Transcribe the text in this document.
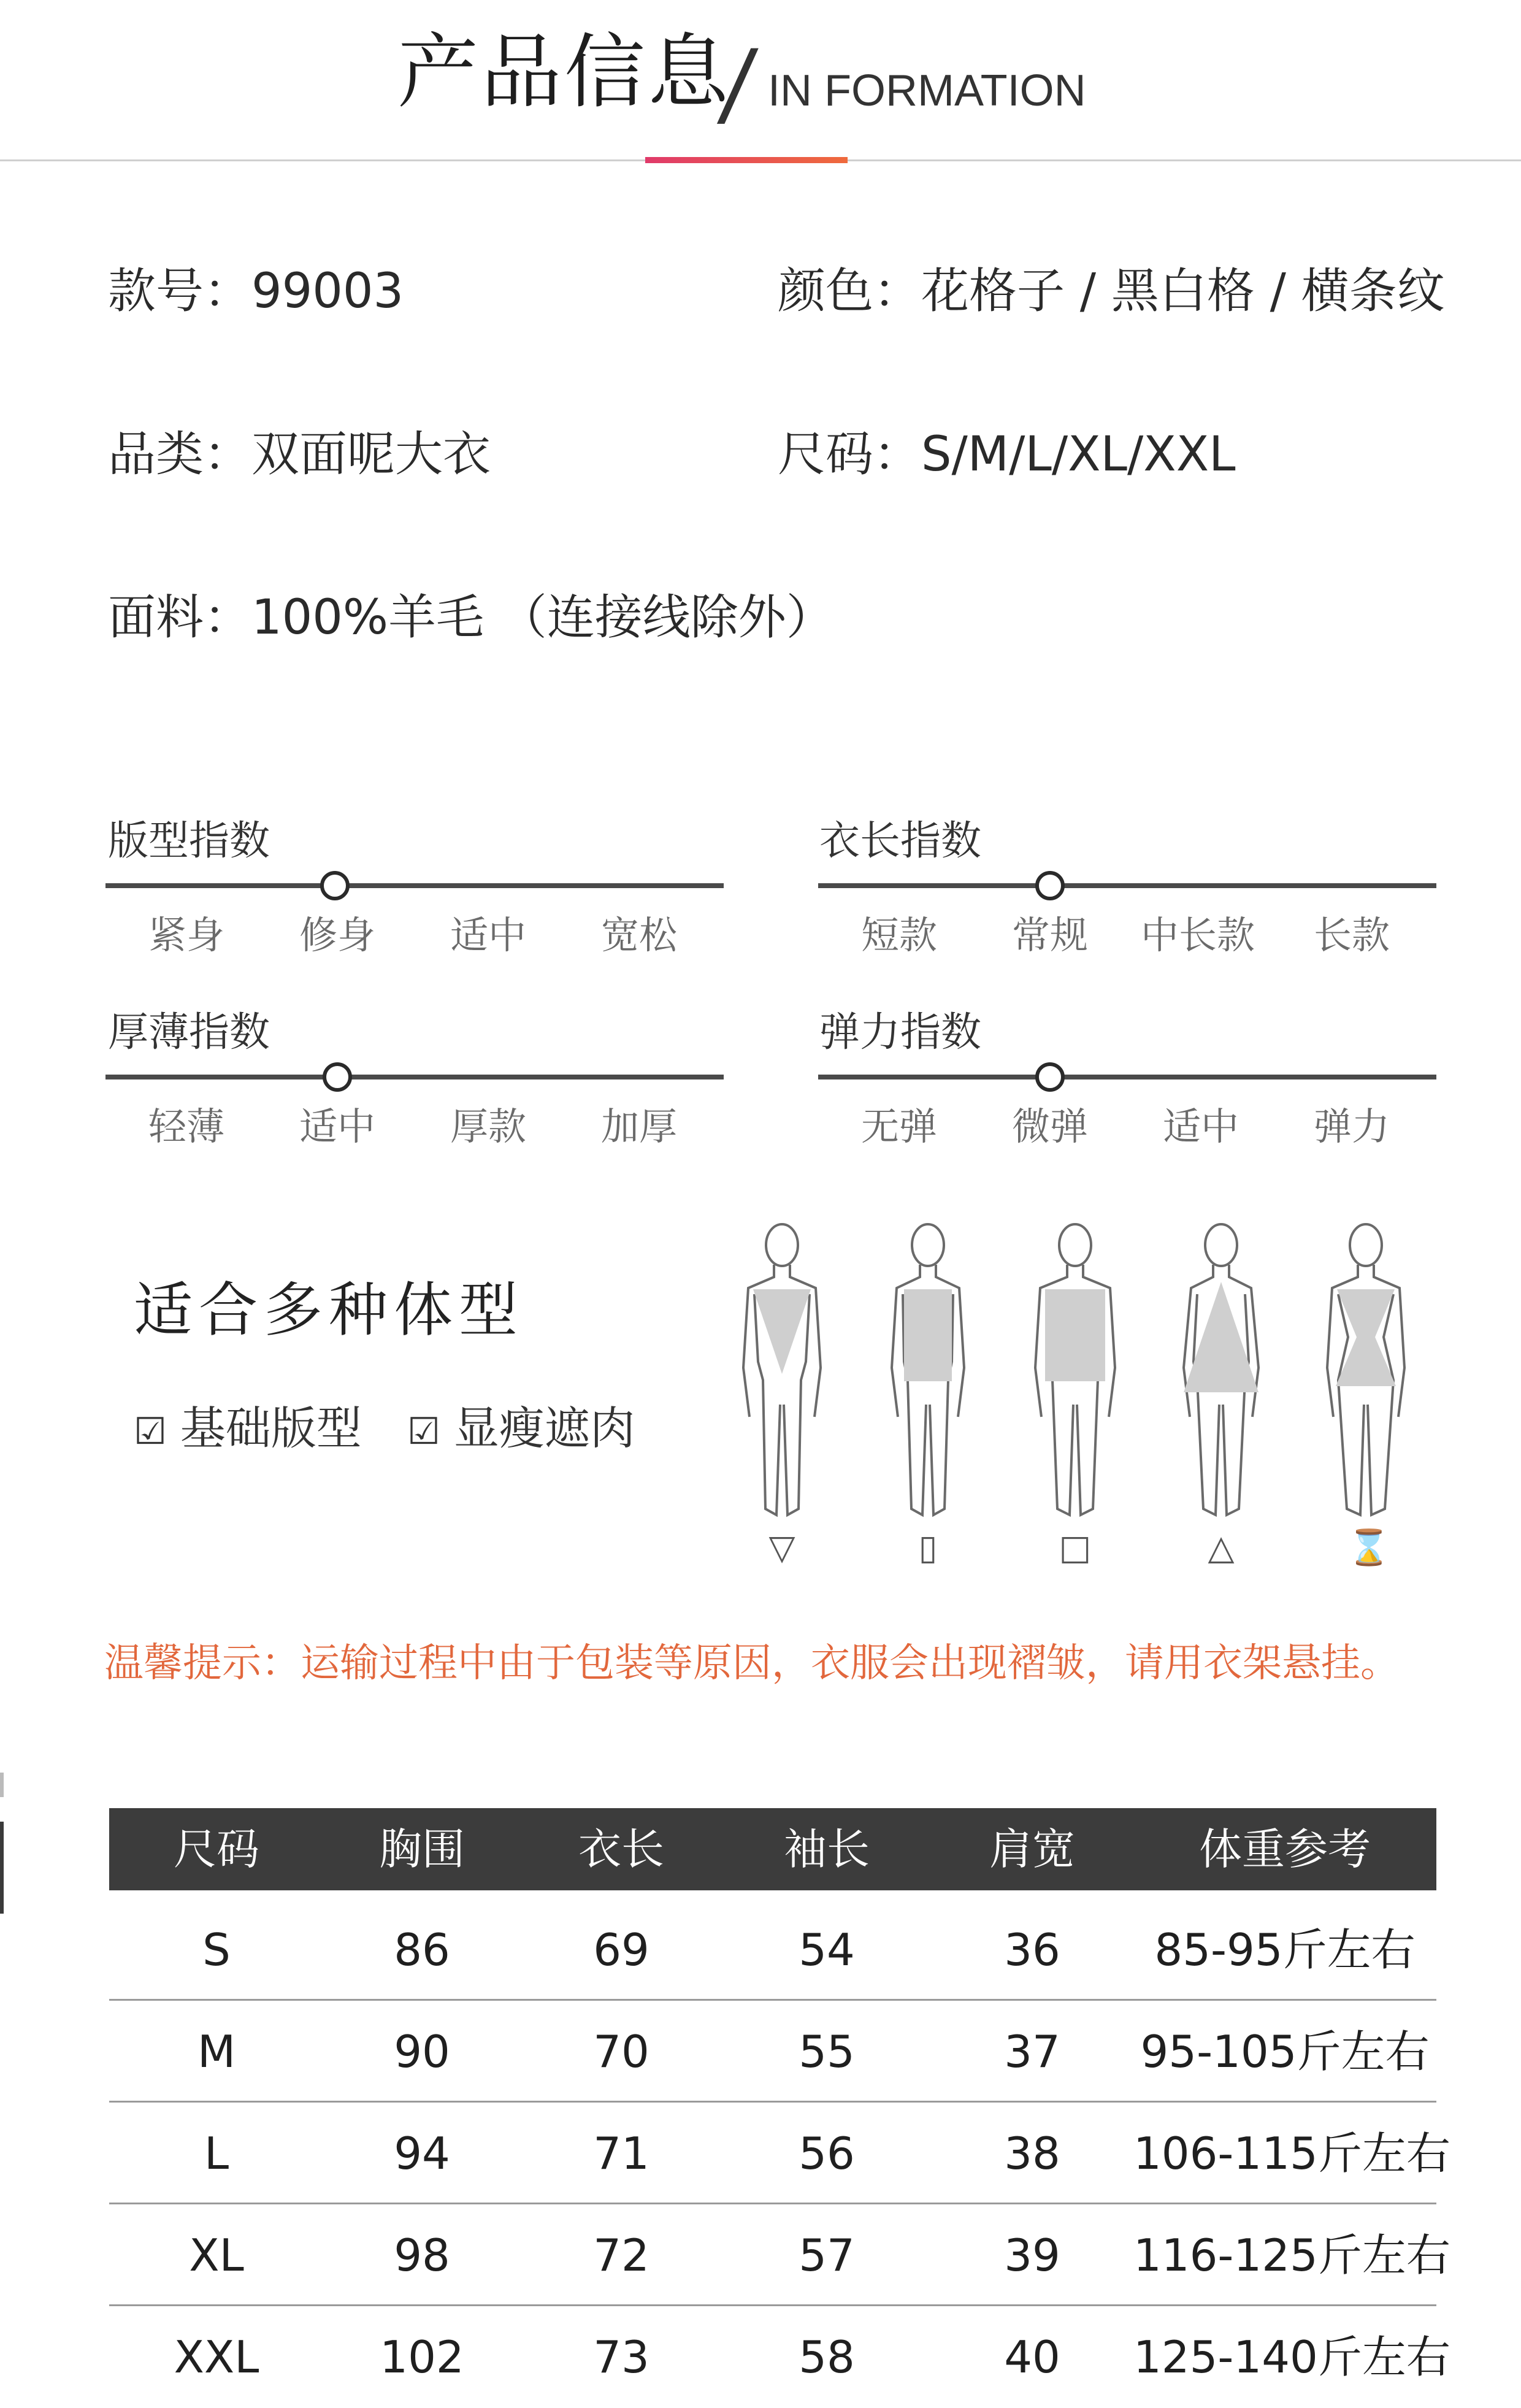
产品信息
/ IN FORMATION
款号：99003	颜色：花格子 / 黑白格 / 横条纹
品类：双面呢大衣	尺码：S/M/L/XL/XXL
面料：100%羊毛 （连接线除外）
版型指数
紧身 修身 适中 宽松
衣长指数
短款 常规 中长款 长款
厚薄指数
轻薄 适中 厚款 加厚
弹力指数
无弹 微弹 适中 弹力
适合多种体型
☑ 基础版型 ☑ 显瘦遮肉
▽	▯	□	△	⌛
温馨提示：运输过程中由于包装等原因，衣服会出现褶皱，请用衣架悬挂。
尺码	胸围	衣长	袖长	肩宽	体重参考
S	86	69	54	36	85-95斤左右
M	90	70	55	37	95-105斤左右
L	94	71	56	38	106-115斤左右
XL	98	72	57	39	116-125斤左右
XXL	102	73	58	40	125-140斤左右
